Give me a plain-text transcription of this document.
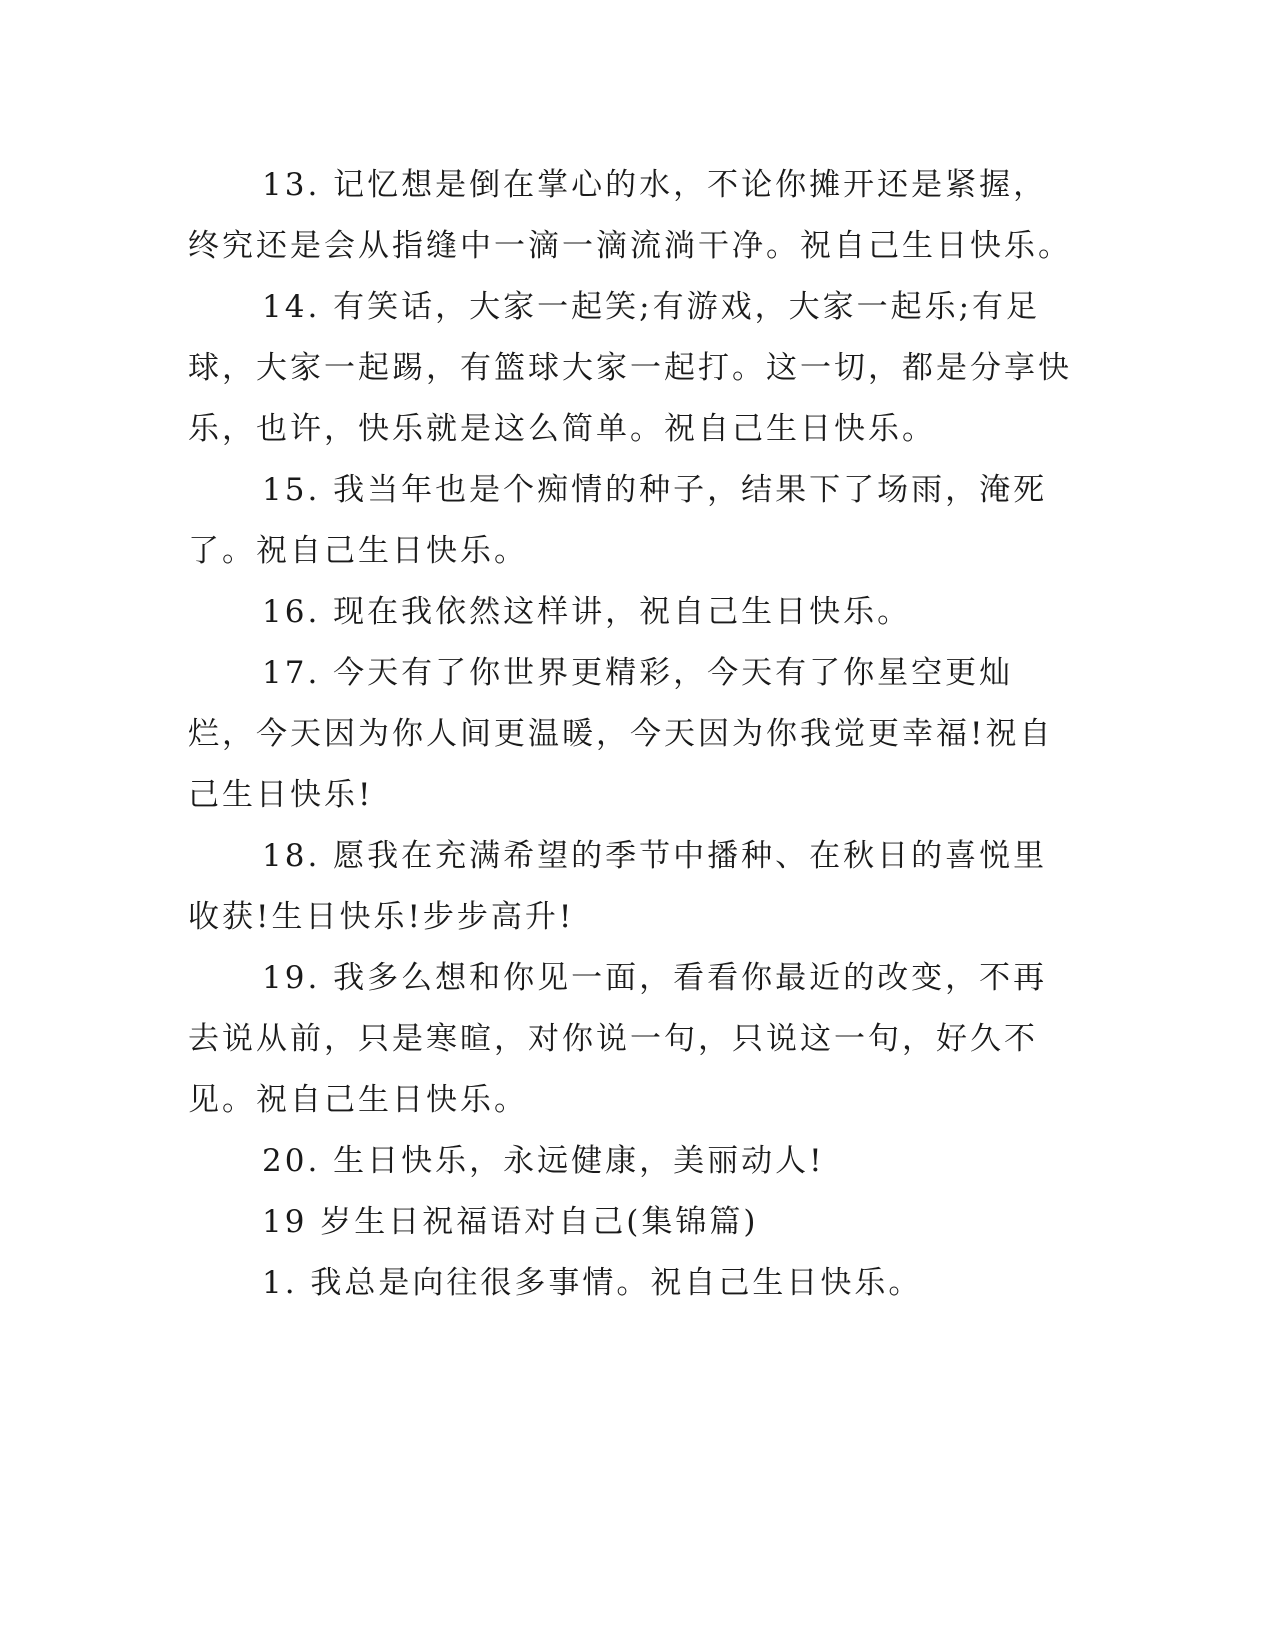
13. 记忆想是倒在掌心的水，不论你摊开还是紧握，终究还是会从指缝中一滴一滴流淌干净。祝自己生日快乐。

14. 有笑话，大家一起笑;有游戏，大家一起乐;有足球，大家一起踢，有篮球大家一起打。这一切，都是分享快乐，也许，快乐就是这么简单。祝自己生日快乐。

15. 我当年也是个痴情的种子，结果下了场雨，淹死了。祝自己生日快乐。

16. 现在我依然这样讲，祝自己生日快乐。

17. 今天有了你世界更精彩，今天有了你星空更灿烂，今天因为你人间更温暖，今天因为你我觉更幸福!祝自己生日快乐!

18. 愿我在充满希望的季节中播种、在秋日的喜悦里收获!生日快乐!步步高升!

19. 我多么想和你见一面，看看你最近的改变，不再去说从前，只是寒暄，对你说一句，只说这一句，好久不见。祝自己生日快乐。

20. 生日快乐，永远健康，美丽动人!

19 岁生日祝福语对自己(集锦篇)

1. 我总是向往很多事情。祝自己生日快乐。
